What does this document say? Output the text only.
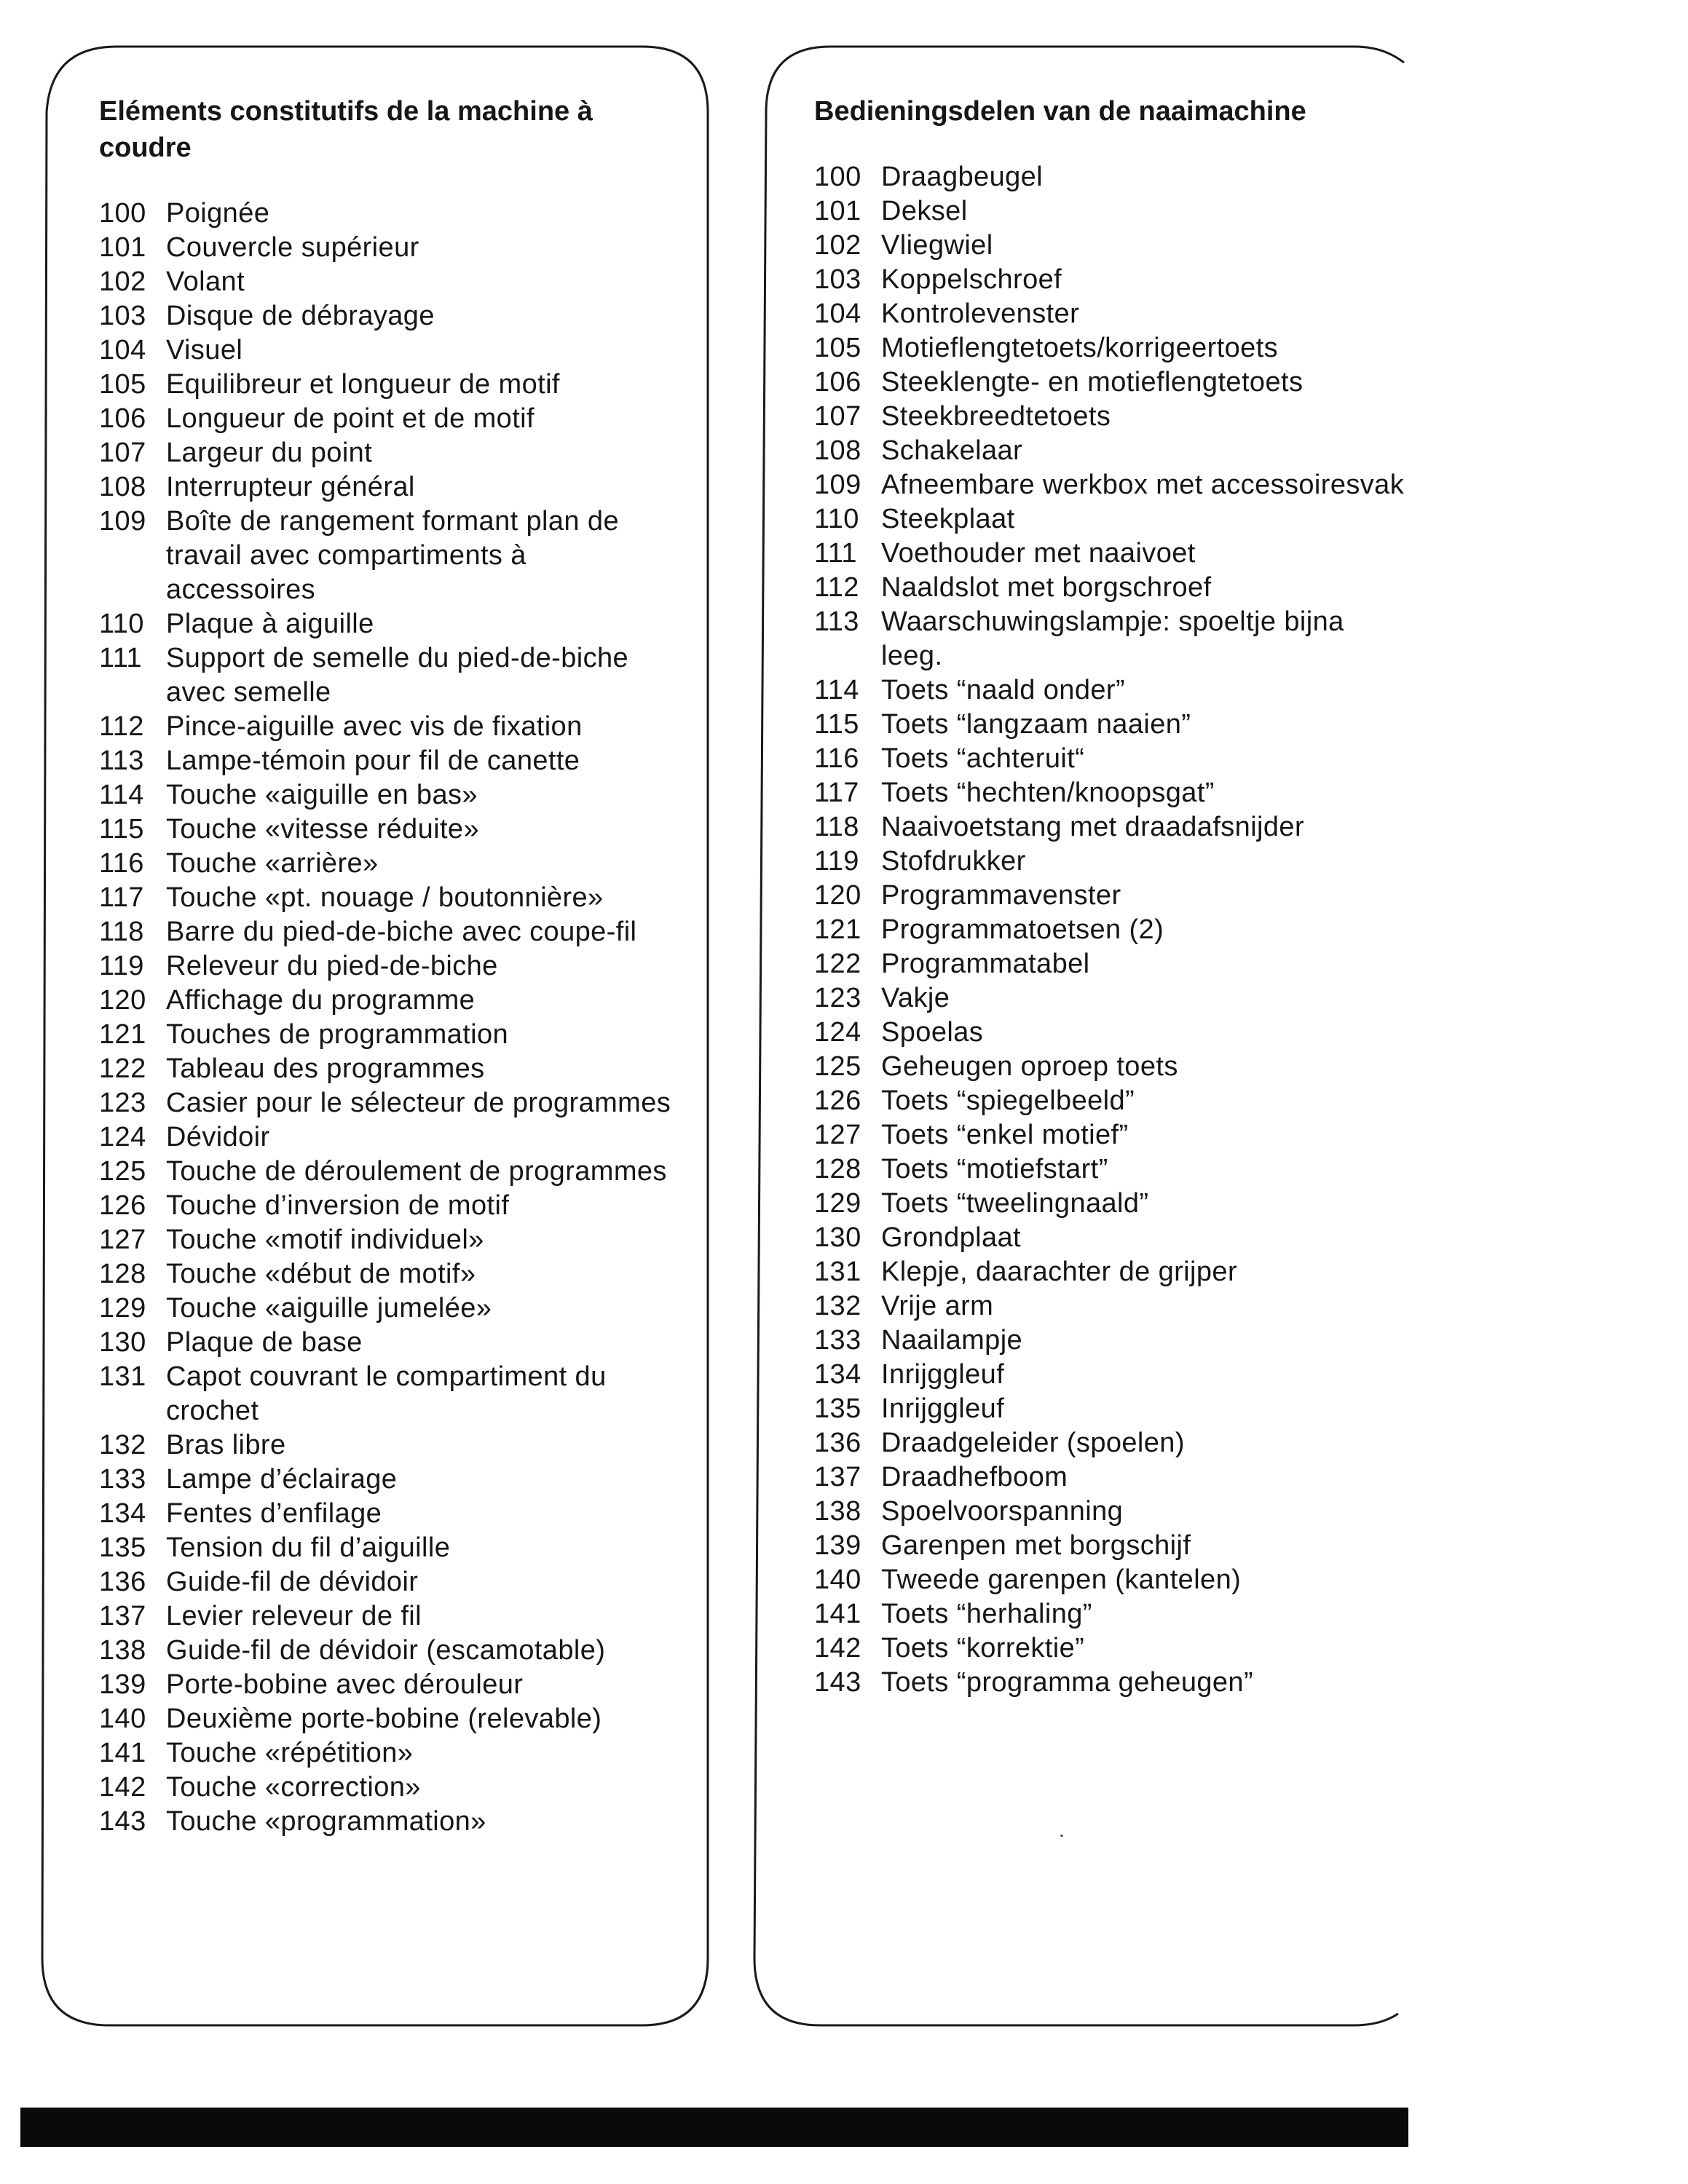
Eléments constitutifs de la machine à coudre
100 Poignée
101 Couvercle supérieur
102 Volant
103 Disque de débrayage
104 Visuel
105 Equilibreur et longueur de motif
106 Longueur de point et de motif
107 Largeur du point
108 Interrupteur général
109 Boîte de rangement formant plan de travail avec compartiments à accessoires
110 Plaque à aiguille
111 Support de semelle du pied-de-biche avec semelle
112 Pince-aiguille avec vis de fixation
113 Lampe-témoin pour fil de canette
114 Touche «aiguille en bas»
115 Touche «vitesse réduite»
116 Touche «arrière»
117 Touche «pt. nouage / boutonnière»
118 Barre du pied-de-biche avec coupe-fil
119 Releveur du pied-de-biche
120 Affichage du programme
121 Touches de programmation
122 Tableau des programmes
123 Casier pour le sélecteur de programmes
124 Dévidoir
125 Touche de déroulement de programmes
126 Touche d’inversion de motif
127 Touche «motif individuel»
128 Touche «début de motif»
129 Touche «aiguille jumelée»
130 Plaque de base
131 Capot couvrant le compartiment du crochet
132 Bras libre
133 Lampe d’éclairage
134 Fentes d’enfilage
135 Tension du fil d’aiguille
136 Guide-fil de dévidoir
137 Levier releveur de fil
138 Guide-fil de dévidoir (escamotable)
139 Porte-bobine avec dérouleur
140 Deuxième porte-bobine (relevable)
141 Touche «répétition»
142 Touche «correction»
143 Touche «programmation»
Bedieningsdelen van de naaimachine
100 Draagbeugel
101 Deksel
102 Vliegwiel
103 Koppelschroef
104 Kontrolevenster
105 Motieflengtetoets/korrigeertoets
106 Steeklengte- en motieflengtetoets
107 Steekbreedtetoets
108 Schakelaar
109 Afneembare werkbox met accessoiresvak
110 Steekplaat
111 Voethouder met naaivoet
112 Naaldslot met borgschroef
113 Waarschuwingslampje: spoeltje bijna leeg.
114 Toets “naald onder”
115 Toets “langzaam naaien”
116 Toets “achteruit“
117 Toets “hechten/knoopsgat”
118 Naaivoetstang met draadafsnijder
119 Stofdrukker
120 Programmavenster
121 Programmatoetsen (2)
122 Programmatabel
123 Vakje
124 Spoelas
125 Geheugen oproep toets
126 Toets “spiegelbeeld”
127 Toets “enkel motief”
128 Toets “motiefstart”
129 Toets “tweelingnaald”
130 Grondplaat
131 Klepje, daarachter de grijper
132 Vrije arm
133 Naailampje
134 Inrijggleuf
135 Inrijggleuf
136 Draadgeleider (spoelen)
137 Draadhefboom
138 Spoelvoorspanning
139 Garenpen met borgschijf
140 Tweede garenpen (kantelen)
141 Toets “herhaling”
142 Toets “korrektie”
143 Toets “programma geheugen”
